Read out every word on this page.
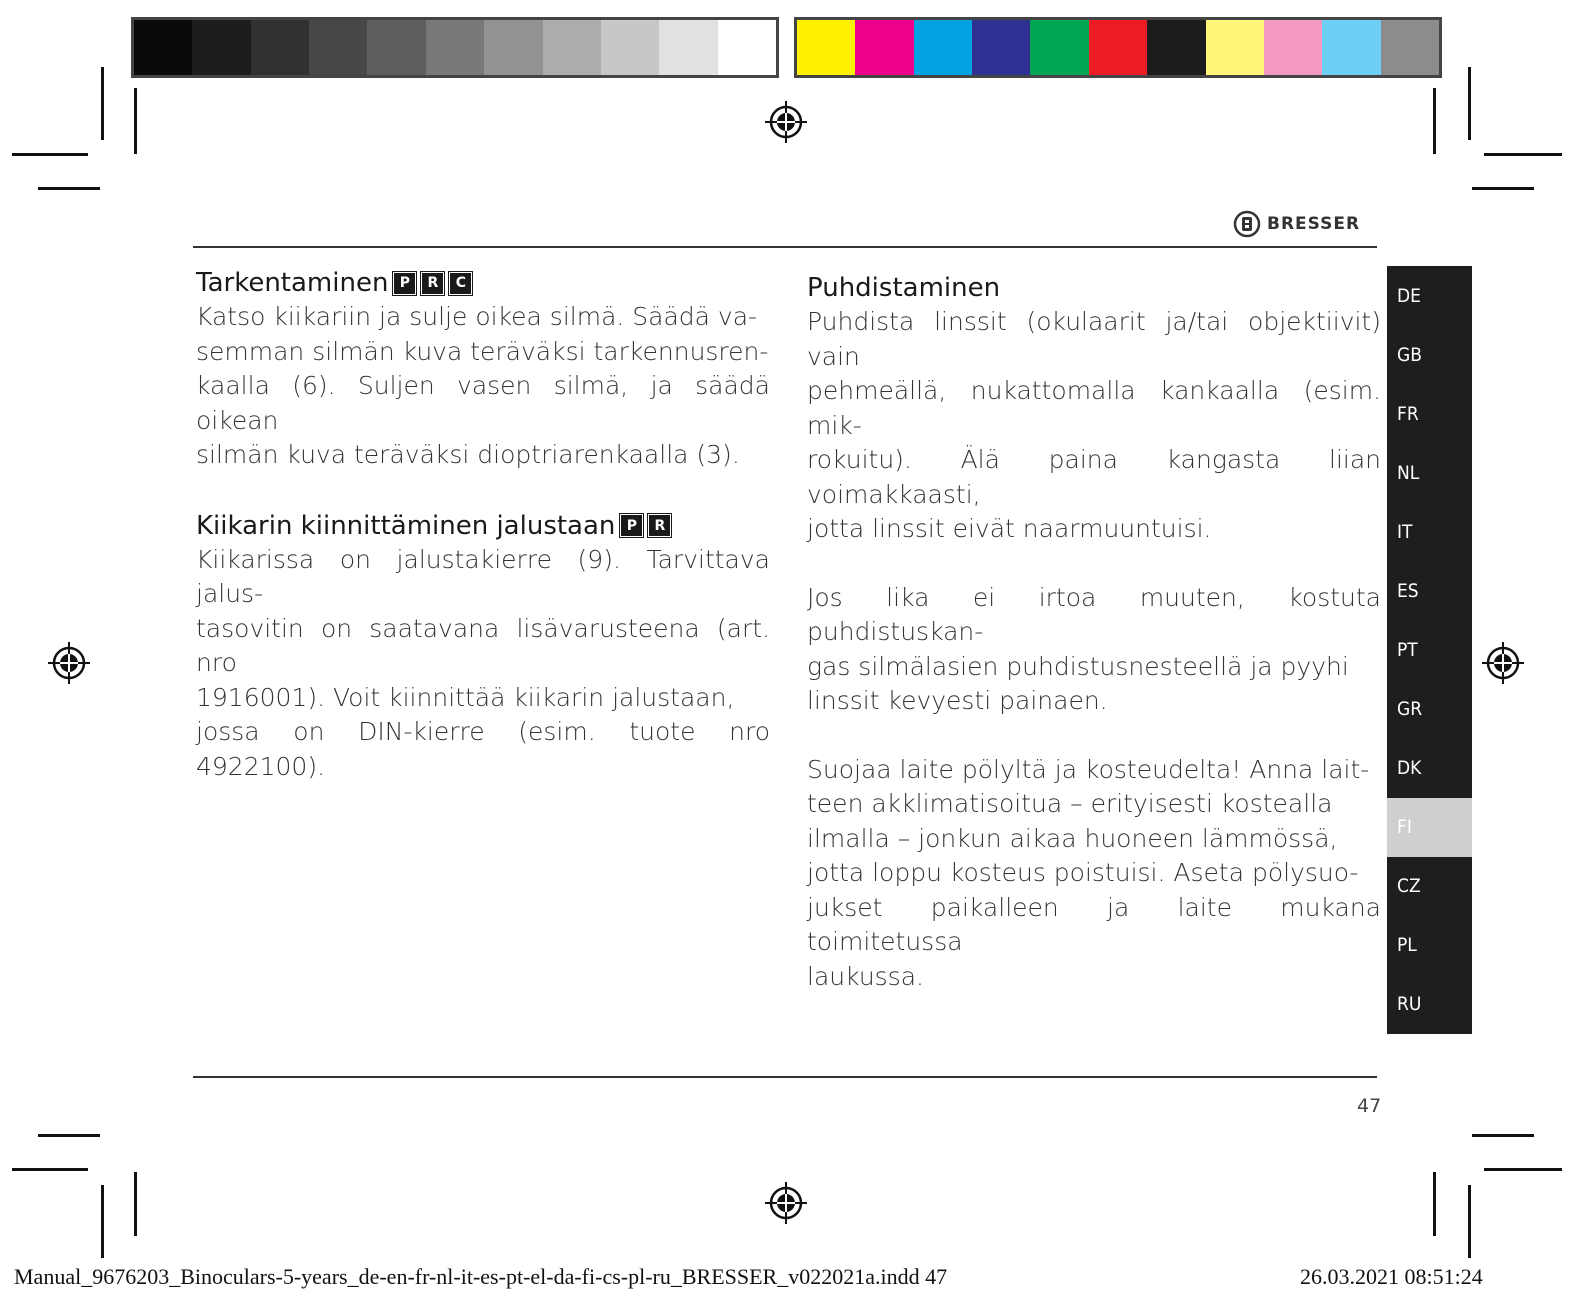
BRESSER
Tarkentaminen P	R	C

Katso kiikariin ja sulje oikea silmä. Säädä va-
semman silmän kuva teräväksi tarkennusren-
kaalla (6). Suljen vasen silmä, ja säädä oikean
silmän kuva teräväksi dioptriarenkaalla (3).

Kiikarin kiinnittäminen jalustaan P	R

Kiikarissa on jalustakierre (9). Tarvittava jalus-
tasovitin on saatavana lisävarusteena (art. nro
1916001). Voit kiinnittää kiikarin jalustaan,
jossa on DIN-kierre (esim. tuote nro 4922100).

Puhdistaminen

Puhdista linssit (okulaarit ja/tai objektiivit) vain
pehmeällä, nukattomalla kankaalla (esim. mik-
rokuitu). Älä paina kangasta liian voimakkaasti,
jotta linssit eivät naarmuuntuisi.

Jos lika ei irtoa muuten, kostuta puhdistuskan-
gas silmälasien puhdistusnesteellä ja pyyhi
linssit kevyesti painaen.

Suojaa laite pölyltä ja kosteudelta! Anna lait-
teen akklimatisoitua – erityisesti kostealla
ilmalla – jonkun aikaa huoneen lämmössä,
jotta loppu kosteus poistuisi. Aseta pölysuo-
jukset paikalleen ja laite mukana toimitetussa
laukussa.

DE
GB
FR
NL
IT
ES
PT
GR
DK
FI
CZ
PL
RU
47
Manual_9676203_Binoculars-5-years_de-en-fr-nl-it-es-pt-el-da-fi-cs-pl-ru_BRESSER_v022021a.indd 47	26.03.2021 08:51:24
